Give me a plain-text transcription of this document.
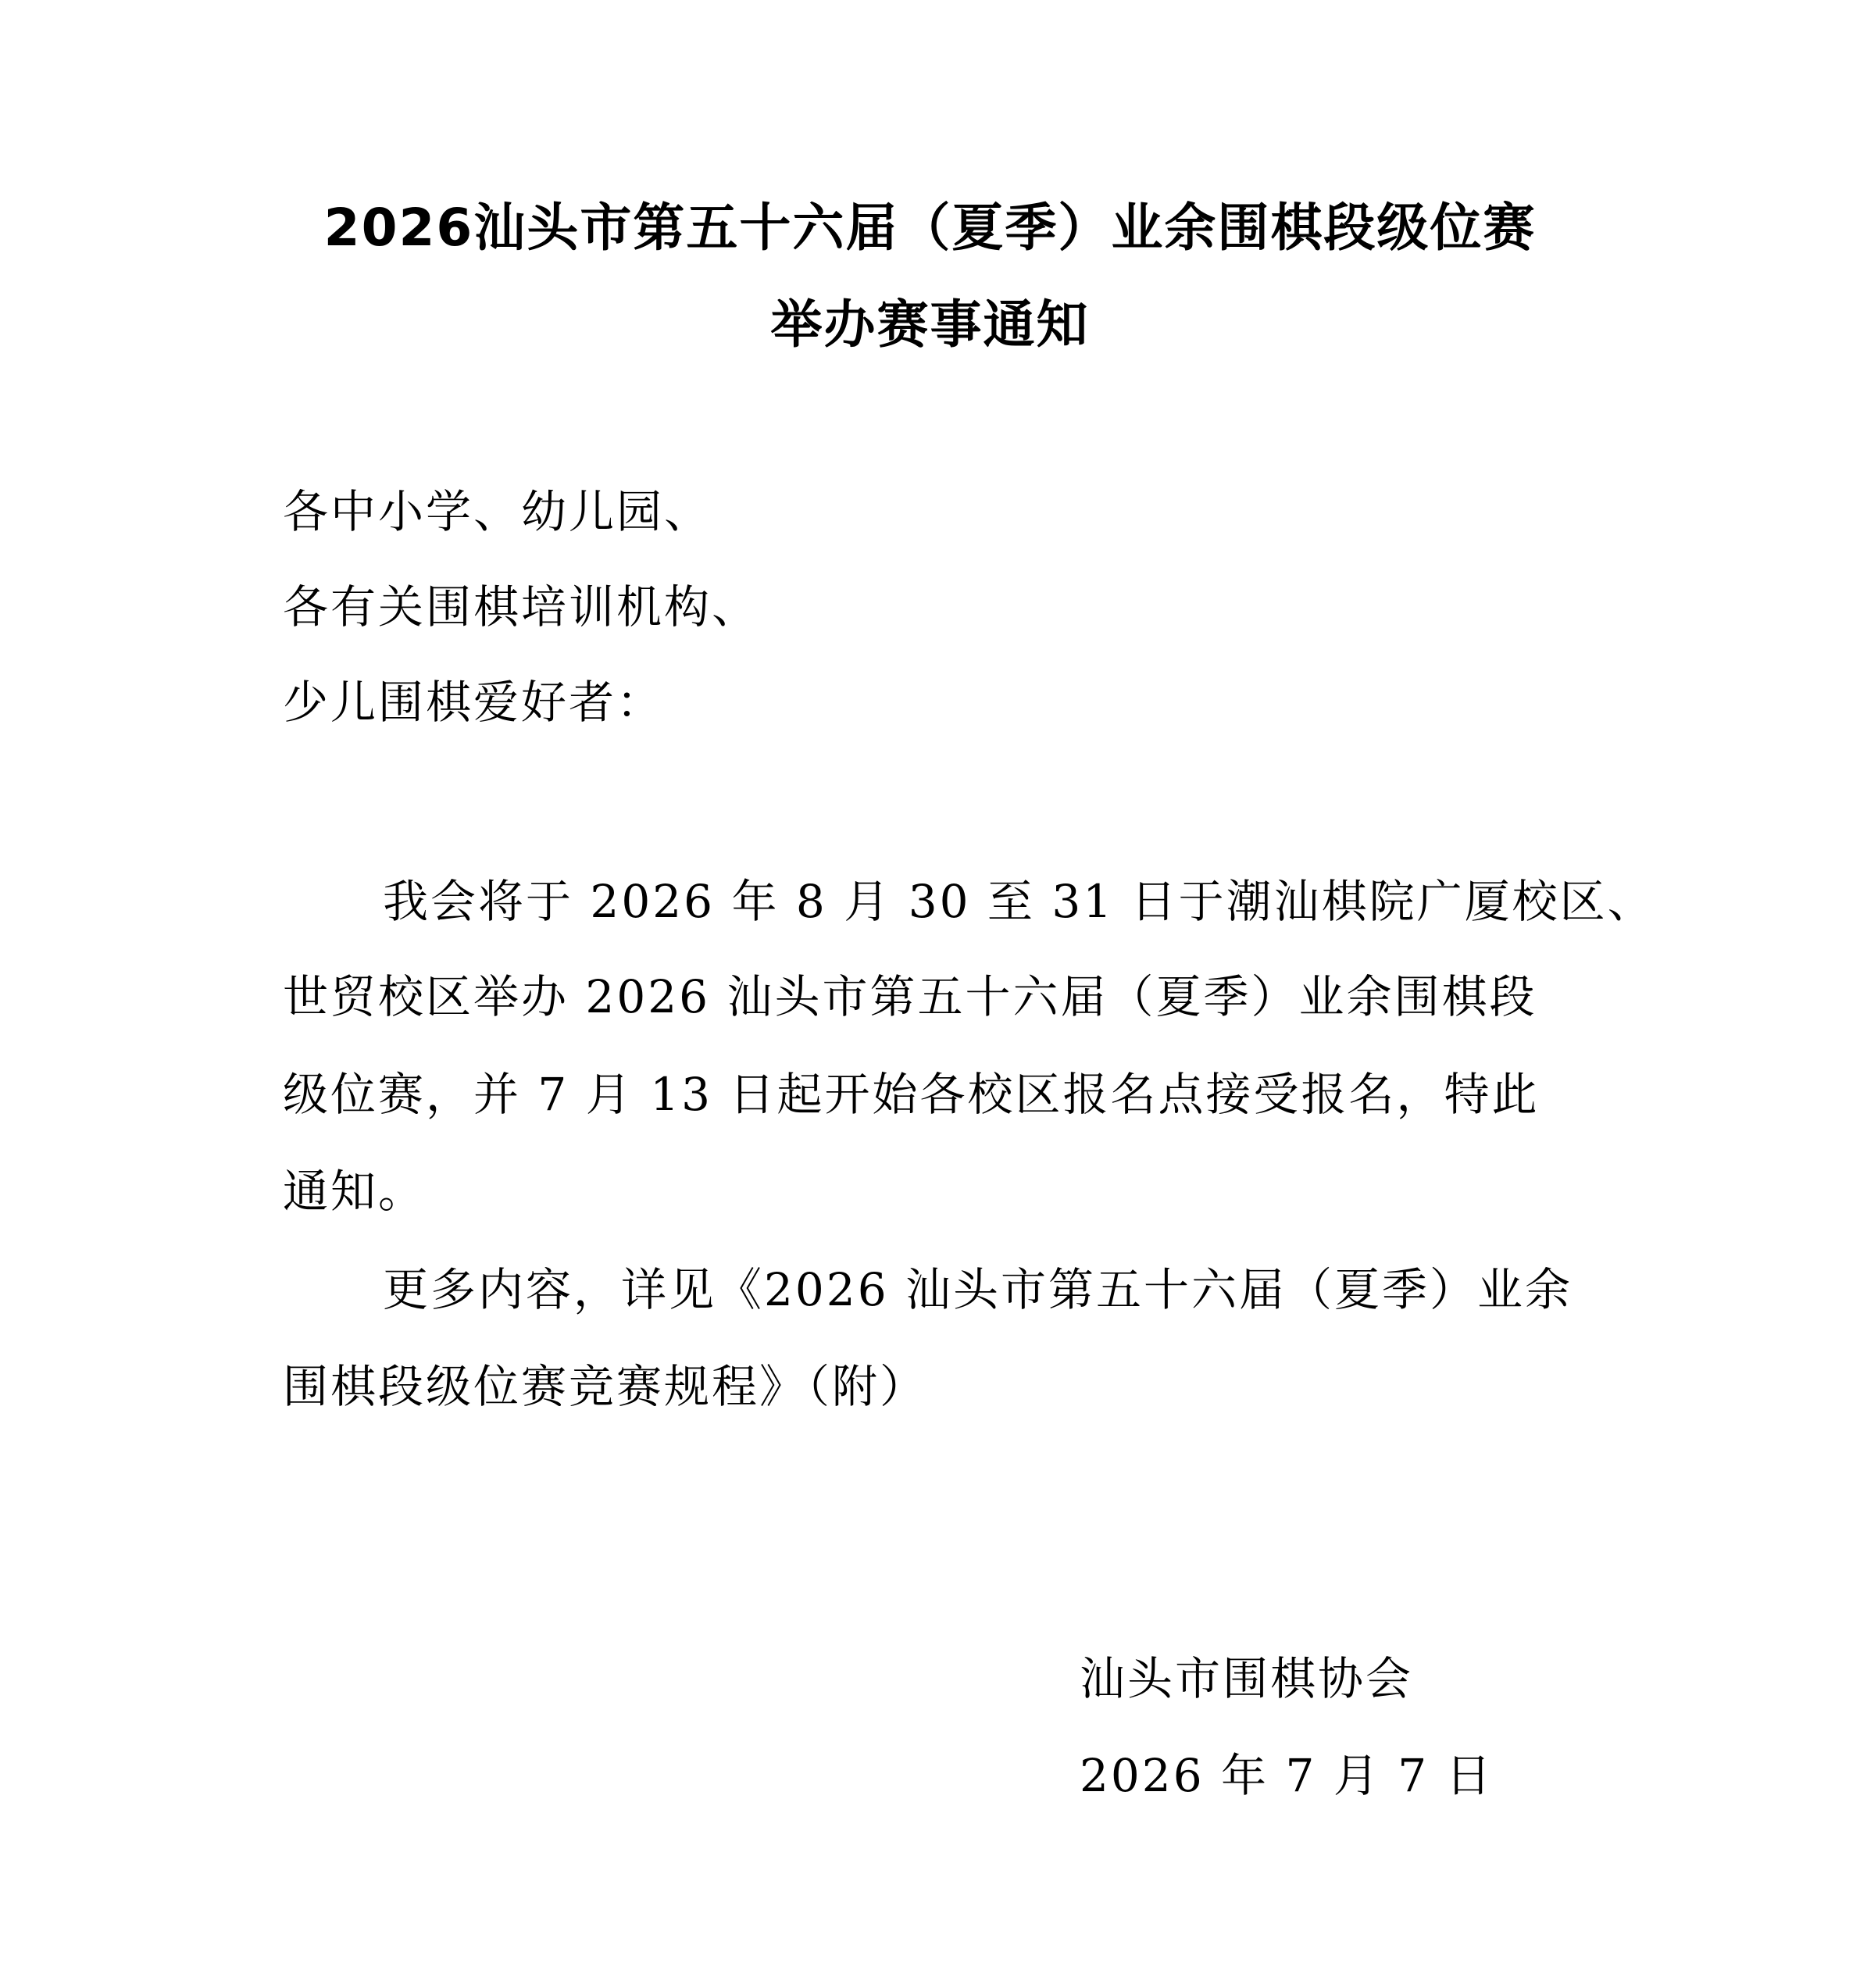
2026汕头市第五十六届（夏季）业余围棋段级位赛
举办赛事通知
各中小学、幼儿园、
各有关围棋培训机构、
少儿围棋爱好者：
我会将于 2026 年 8 月 30 至 31 日于潮汕棋院广厦校区、
世贸校区举办 2026 汕头市第五十六届（夏季）业余围棋段
级位赛，并 7 月 13 日起开始各校区报名点接受报名，特此
通知。
更多内容，详见《2026 汕头市第五十六届（夏季）业余
围棋段级位赛竞赛规程》（附）
汕头市围棋协会
2026 年 7 月 7 日
